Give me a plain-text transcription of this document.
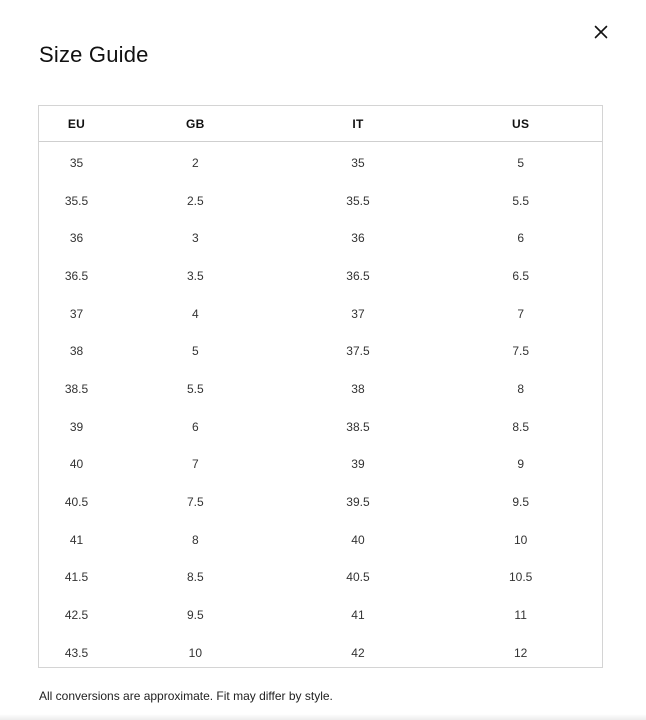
Size Guide
EU	GB	IT	US
35	2	35	5
35.5	2.5	35.5	5.5
36	3	36	6
36.5	3.5	36.5	6.5
37	4	37	7
38	5	37.5	7.5
38.5	5.5	38	8
39	6	38.5	8.5
40	7	39	9
40.5	7.5	39.5	9.5
41	8	40	10
41.5	8.5	40.5	10.5
42.5	9.5	41	11
43.5	10	42	12

All conversions are approximate. Fit may differ by style.
